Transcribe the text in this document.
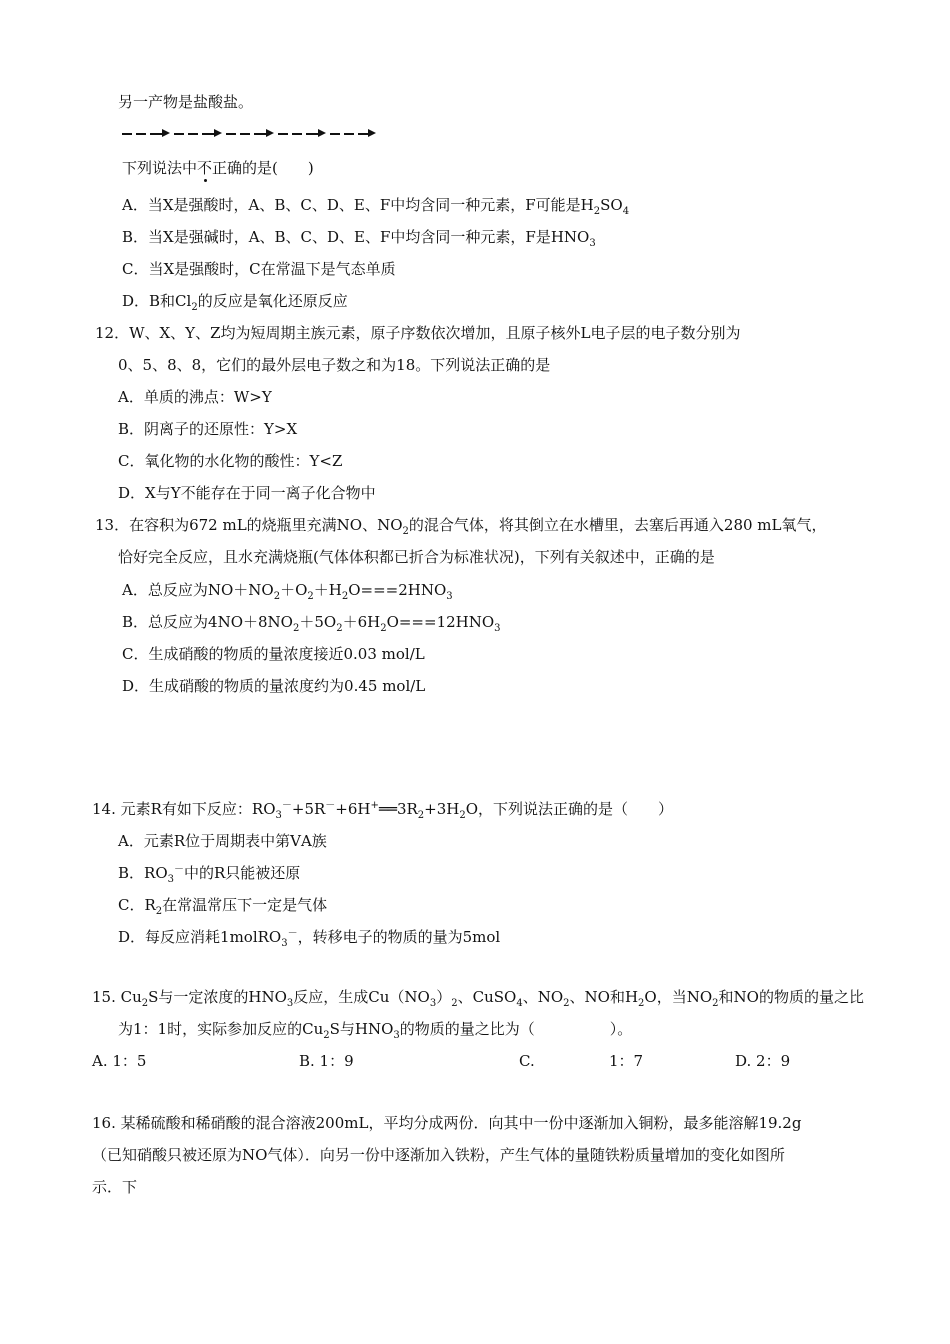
另一产物是盐酸盐。
下列说法中不正确的是(　　)
A．当X是强酸时，A、B、C、D、E、F中均含同一种元素，F可能是$H_2SO_4$
B．当X是强碱时，A、B、C、D、E、F中均含同一种元素，F是$HNO_3$
C．当X是强酸时，C在常温下是气态单质
D．B和$Cl_2$的反应是氧化还原反应
12．W、X、Y、Z均为短周期主族元素，原子序数依次增加，且原子核外L电子层的电子数分别为
0、5、8、8，它们的最外层电子数之和为18。下列说法正确的是
A．单质的沸点：W>Y
B．阴离子的还原性：Y>X
C．氧化物的水化物的酸性：Y<Z
D．X与Y不能存在于同一离子化合物中
13．在容积为672 mL的烧瓶里充满NO、$NO_2$的混合气体，将其倒立在水槽里，去塞后再通入280 mL氧气，
恰好完全反应，且水充满烧瓶(气体体积都已折合为标准状况)，下列有关叙述中，正确的是
A．总反应为$NO+NO_2+O_2+H_2O===2HNO_3$
B．总反应为$4NO+8NO_2+5O_2+6H_2O===12HNO_3$
C．生成硝酸的物质的量浓度接近0.03 mol/L
D．生成硝酸的物质的量浓度约为0.45 mol/L
14. 元素R有如下反应：$RO_3^-+5R^-+6H^+══3R_2+3H_2O$，下列说法正确的是（　　）
A．元素R位于周期表中第ⅤA族
B．$RO_3^-$中的R只能被还原
C．$R_2$在常温常压下一定是气体
D．每反应消耗1molRO$_3$－，转移电子的物质的量为5mol
15. $Cu_2S$与一定浓度的$HNO_3$反应，生成$Cu(NO_3)_2$、CuSO$_4$、$NO_2$、NO和$H_2O$，当$NO_2$和NO的物质的量之比
为1：1时，实际参加反应的$Cu_2S$与$HNO_3$的物质的量之比为（　　　　　）。
A. 1：5	B. 1：9	C.	1：7	D. 2：9
16. 某稀硫酸和稀硝酸的混合溶液200mL，平均分成两份．向其中一份中逐渐加入铜粉，最多能溶解19.2g
（已知硝酸只被还原为NO气体）．向另一份中逐渐加入铁粉，产生气体的量随铁粉质量增加的变化如图所
示．下
